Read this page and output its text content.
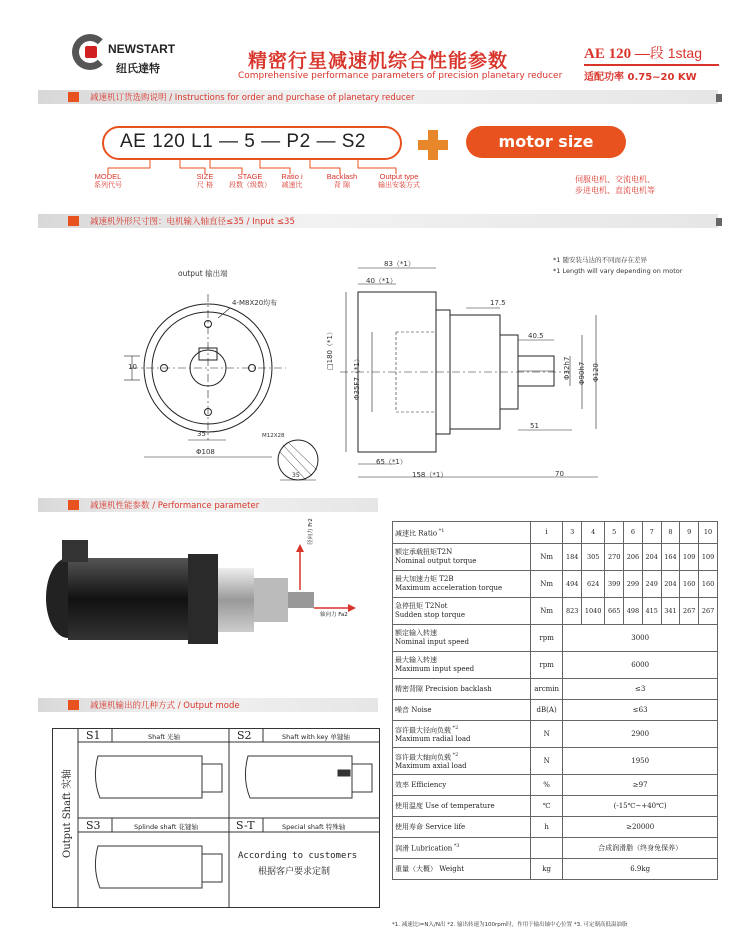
NEWSTART
纽氏達特	精密行星减速机综合性能参数
Comprehensive performance parameters of precision planetary reducer
AE 120 —段 1stag
适配功率 0.75~20 KW
减速机订货选购说明 / Instructions for order and purchase of planetary reducer
AE 120 L1 — 5 — P2 — S2	motor size
MODEL
系列代号
SIZE
尺 格
STAGE
段数（级数）
Ratio i
减速比
Backlash
背 隙
Output type
输出安装方式
伺服电机、交流电机、
步进电机、直流电机等
减速机外形尺寸图：电机输入轴直径≤35 / Input ≤35
output 输出端
*1 随安装马达的不同而存在差异
*1 Length will vary depending on motor
4-M8X20均布
10
35
Φ108
M12X28
35
83（*1）
40（*1）
17.5
40.5
□180（*1）
Φ35F7（*1）
65（*1）
158（*1）	70
51
Φ32h7 Φ90h7 Φ120
减速机性能参数 / Performance parameter
径向力 Fr2
轴向力 Fa2
减速机输出的几种方式 / Output mode
Output Shaft 实轴
S1	Shaft 光轴	S2	Shaft with key 单键轴
S3	Splinde shaft 花键轴	S-T	Special shaft 特殊轴
According to customers
根据客户要求定制
减速比 Ratio $^{*1}$	i	3	4	5	6	7	8	9	10

额定承载扭矩T2N
Nominal output torque	Nm	184	305	270	206	204	164	109	109

最大加速力矩 T2B
Maximum acceleration torque	Nm	494	624	399	299	249	204	160	160

急停扭矩 T2Not
Sudden stop torque	Nm	823	1040	665	498	415	341	267	267

额定输入转速
Nominal input speed	rpm	3000							

最大输入转速
Maximum input speed	rpm	6000							

精密背隙 Precision backlash	arcmin	≤3							

噪音 Noise	dB(A)	≤63							

容许最大径向负载 $^{*2}$
Maximum radial load	N	2900							

容许最大轴向负载 $^{*2}$
Maximum axial load	N	1950							

效率 Efficiency	%	≥97							

使用温度 Use of temperature	℃	(-15℃~+40℃)							

使用寿命 Service life	h	≥20000							

润滑 Lubrication $^{*3}$		合成润滑脂（终身免保养）							

重量（大概） Weight	kg	6.9kg							
*1. 减速比i=N入/N出 *2. 输出转速为100rpm时，作用于输出轴中心位置 *3. 可定制高低温油脂
